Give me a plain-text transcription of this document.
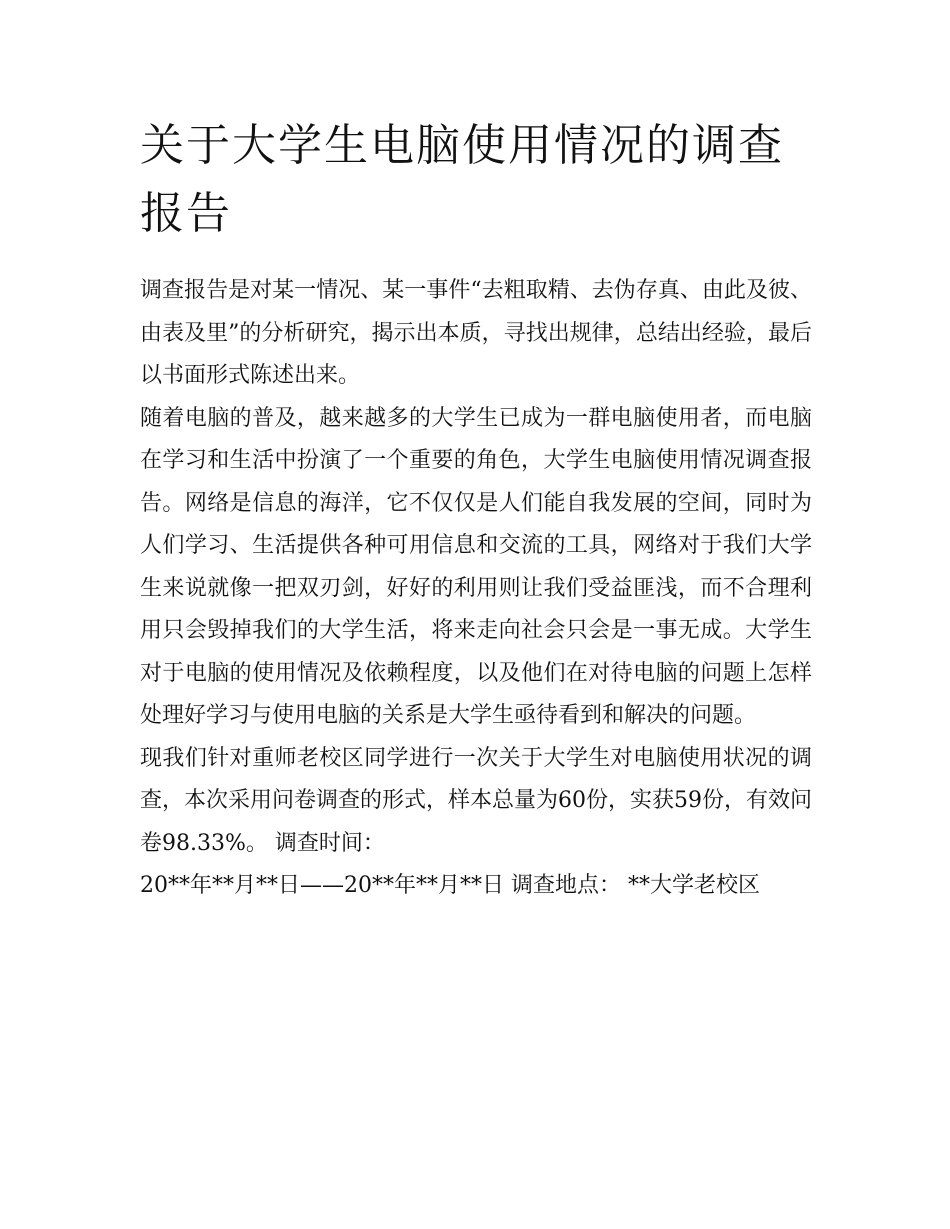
关于大学生电脑使用情况的调查报告

调查报告是对某一情况、某一事件“去粗取精、去伪存真、由此及彼、由表及里”的分析研究，揭示出本质，寻找出规律，总结出经验，最后以书面形式陈述出来。

随着电脑的普及，越来越多的大学生已成为一群电脑使用者，而电脑在学习和生活中扮演了一个重要的角色，大学生电脑使用情况调查报告。网络是信息的海洋，它不仅仅是人们能自我发展的空间，同时为人们学习、生活提供各种可用信息和交流的工具，网络对于我们大学生来说就像一把双刃剑，好好的利用则让我们受益匪浅，而不合理利用只会毁掉我们的大学生活，将来走向社会只会是一事无成。大学生对于电脑的使用情况及依赖程度，以及他们在对待电脑的问题上怎样处理好学习与使用电脑的关系是大学生亟待看到和解决的问题。

现我们针对重师老校区同学进行一次关于大学生对电脑使用状况的调查，本次采用问卷调查的形式，样本总量为60份，实获59份，有效问卷98.33%。 调查时间：

20**年**月**日——20**年**月**日 调查地点： **大学老校区
